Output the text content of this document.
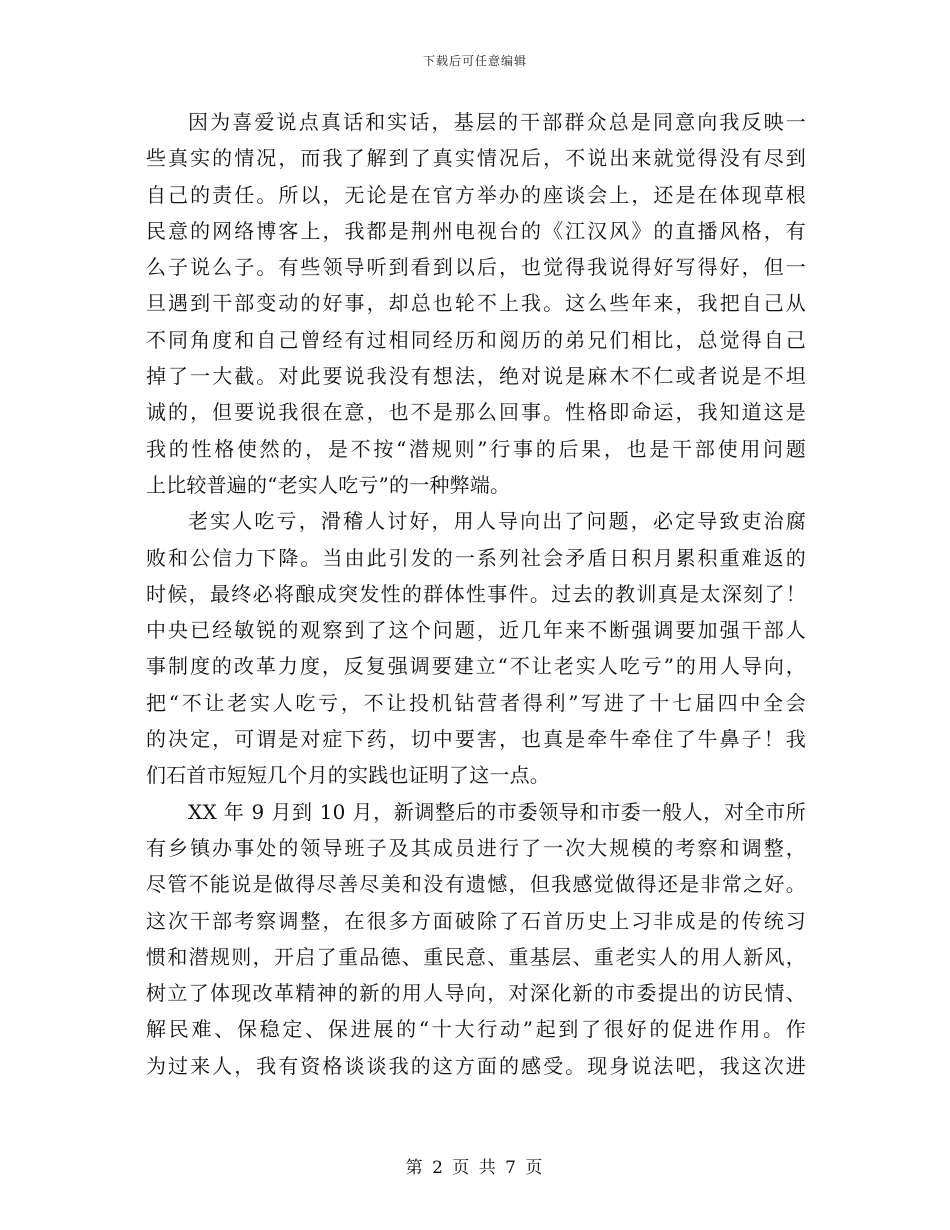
下载后可任意编辑
因为喜爱说点真话和实话，基层的干部群众总是同意向我反映一
些真实的情况，而我了解到了真实情况后，不说出来就觉得没有尽到
自己的责任。所以，无论是在官方举办的座谈会上，还是在体现草根
民意的网络博客上，我都是荆州电视台的《江汉风》的直播风格，有
么子说么子。有些领导听到看到以后，也觉得我说得好写得好，但一
旦遇到干部变动的好事，却总也轮不上我。这么些年来，我把自己从
不同角度和自己曾经有过相同经历和阅历的弟兄们相比，总觉得自己
掉了一大截。对此要说我没有想法，绝对说是麻木不仁或者说是不坦
诚的，但要说我很在意，也不是那么回事。性格即命运，我知道这是
我的性格使然的，是不按“潜规则”行事的后果，也是干部使用问题
上比较普遍的“老实人吃亏”的一种弊端。
老实人吃亏，滑稽人讨好，用人导向出了问题，必定导致吏治腐
败和公信力下降。当由此引发的一系列社会矛盾日积月累积重难返的
时候，最终必将酿成突发性的群体性事件。过去的教训真是太深刻了！
中央已经敏锐的观察到了这个问题，近几年来不断强调要加强干部人
事制度的改革力度，反复强调要建立“不让老实人吃亏”的用人导向，
把“不让老实人吃亏，不让投机钻营者得利”写进了十七届四中全会
的决定，可谓是对症下药，切中要害，也真是牵牛牵住了牛鼻子！我
们石首市短短几个月的实践也证明了这一点。
XX 年 9 月到 10 月，新调整后的市委领导和市委一般人，对全市所
有乡镇办事处的领导班子及其成员进行了一次大规模的考察和调整，
尽管不能说是做得尽善尽美和没有遗憾，但我感觉做得还是非常之好。
这次干部考察调整，在很多方面破除了石首历史上习非成是的传统习
惯和潜规则，开启了重品德、重民意、重基层、重老实人的用人新风，
树立了体现改革精神的新的用人导向，对深化新的市委提出的访民情、
解民难、保稳定、保进展的“十大行动”起到了很好的促进作用。作
为过来人，我有资格谈谈我的这方面的感受。现身说法吧，我这次进
第 2 页 共 7 页
